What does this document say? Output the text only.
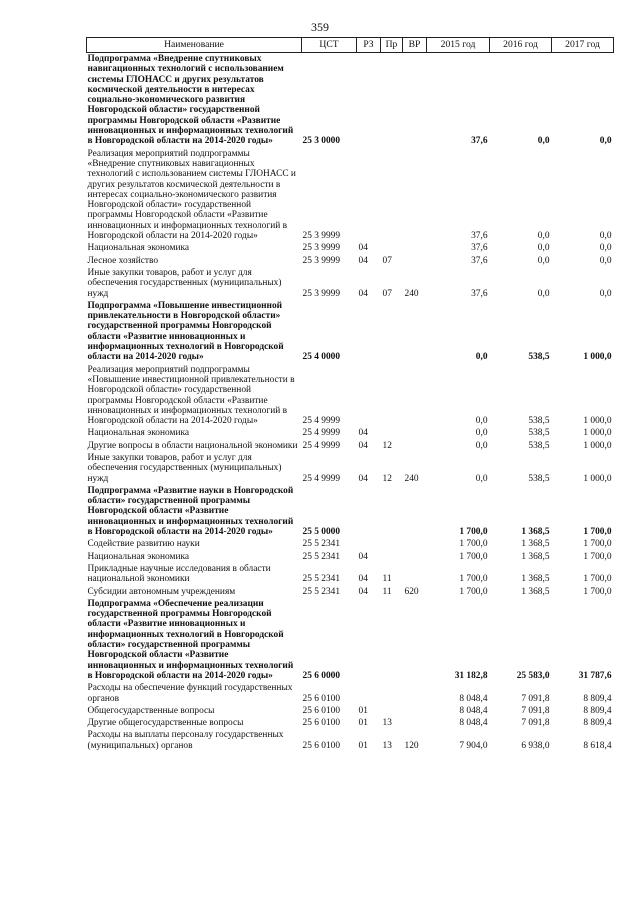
359
Наименование	ЦСТ	РЗ	Пр	ВР	2015 год	2016 год	2017 год
Подпрограмма «Внедрение спутниковых навигационных технологий с использованием системы ГЛОНАСС и других результатов космической деятельности в интересах социально-экономического развития Новгородской области» государственной программы Новгородской области «Развитие инновационных и информационных технологий в Новгородской области на 2014-2020 годы»	25 3 0000				37,6	0,0	0,0
Реализация мероприятий подпрограммы «Внедрение спутниковых навигационных технологий с использованием системы ГЛОНАСС и других результатов космической деятельности в интересах социально-экономического развития Новгородской области» государственной программы Новгородской области «Развитие инновационных и информационных технологий в Новгородской области на 2014-2020 годы»	25 3 9999				37,6	0,0	0,0
Национальная экономика	25 3 9999	04			37,6	0,0	0,0
Лесное хозяйство	25 3 9999	04	07		37,6	0,0	0,0
Иные закупки товаров, работ и услуг для обеспечения государственных (муниципальных) нужд	25 3 9999	04	07	240	37,6	0,0	0,0
Подпрограмма «Повышение инвестиционной привлекательности в Новгородской области» государственной программы Новгородской области «Развитие инновационных и информационных технологий в Новгородской области на 2014-2020 годы»	25 4 0000				0,0	538,5	1 000,0
Реализация мероприятий подпрограммы «Повышение инвестиционной привлекательности в Новгородской области» государственной программы Новгородской области «Развитие инновационных и информационных технологий в Новгородской области на 2014-2020 годы»	25 4 9999				0,0	538,5	1 000,0
Национальная экономика	25 4 9999	04			0,0	538,5	1 000,0
Другие вопросы в области национальной экономики	25 4 9999	04	12		0,0	538,5	1 000,0
Иные закупки товаров, работ и услуг для обеспечения государственных (муниципальных) нужд	25 4 9999	04	12	240	0,0	538,5	1 000,0
Подпрограмма «Развитие науки в Новгородской области» государственной программы Новгородской области «Развитие инновационных и информационных технологий в Новгородской области на 2014-2020 годы»	25 5 0000				1 700,0	1 368,5	1 700,0
Содействие развитию науки	25 5 2341				1 700,0	1 368,5	1 700,0
Национальная экономика	25 5 2341	04			1 700,0	1 368,5	1 700,0
Прикладные научные исследования в области национальной экономики	25 5 2341	04	11		1 700,0	1 368,5	1 700,0
Субсидии автономным учреждениям	25 5 2341	04	11	620	1 700,0	1 368,5	1 700,0
Подпрограмма «Обеспечение реализации государственной программы Новгородской области «Развитие инновационных и информационных технологий в Новгородской области» государственной программы Новгородской области «Развитие инновационных и информационных технологий в Новгородской области на 2014-2020 годы»	25 6 0000				31 182,8	25 583,0	31 787,6
Расходы на обеспечение функций государственных органов	25 6 0100				8 048,4	7 091,8	8 809,4
Общегосударственные вопросы	25 6 0100	01			8 048,4	7 091,8	8 809,4
Другие общегосударственные вопросы	25 6 0100	01	13		8 048,4	7 091,8	8 809,4
Расходы на выплаты персоналу государственных (муниципальных) органов	25 6 0100	01	13	120	7 904,0	6 938,0	8 618,4
